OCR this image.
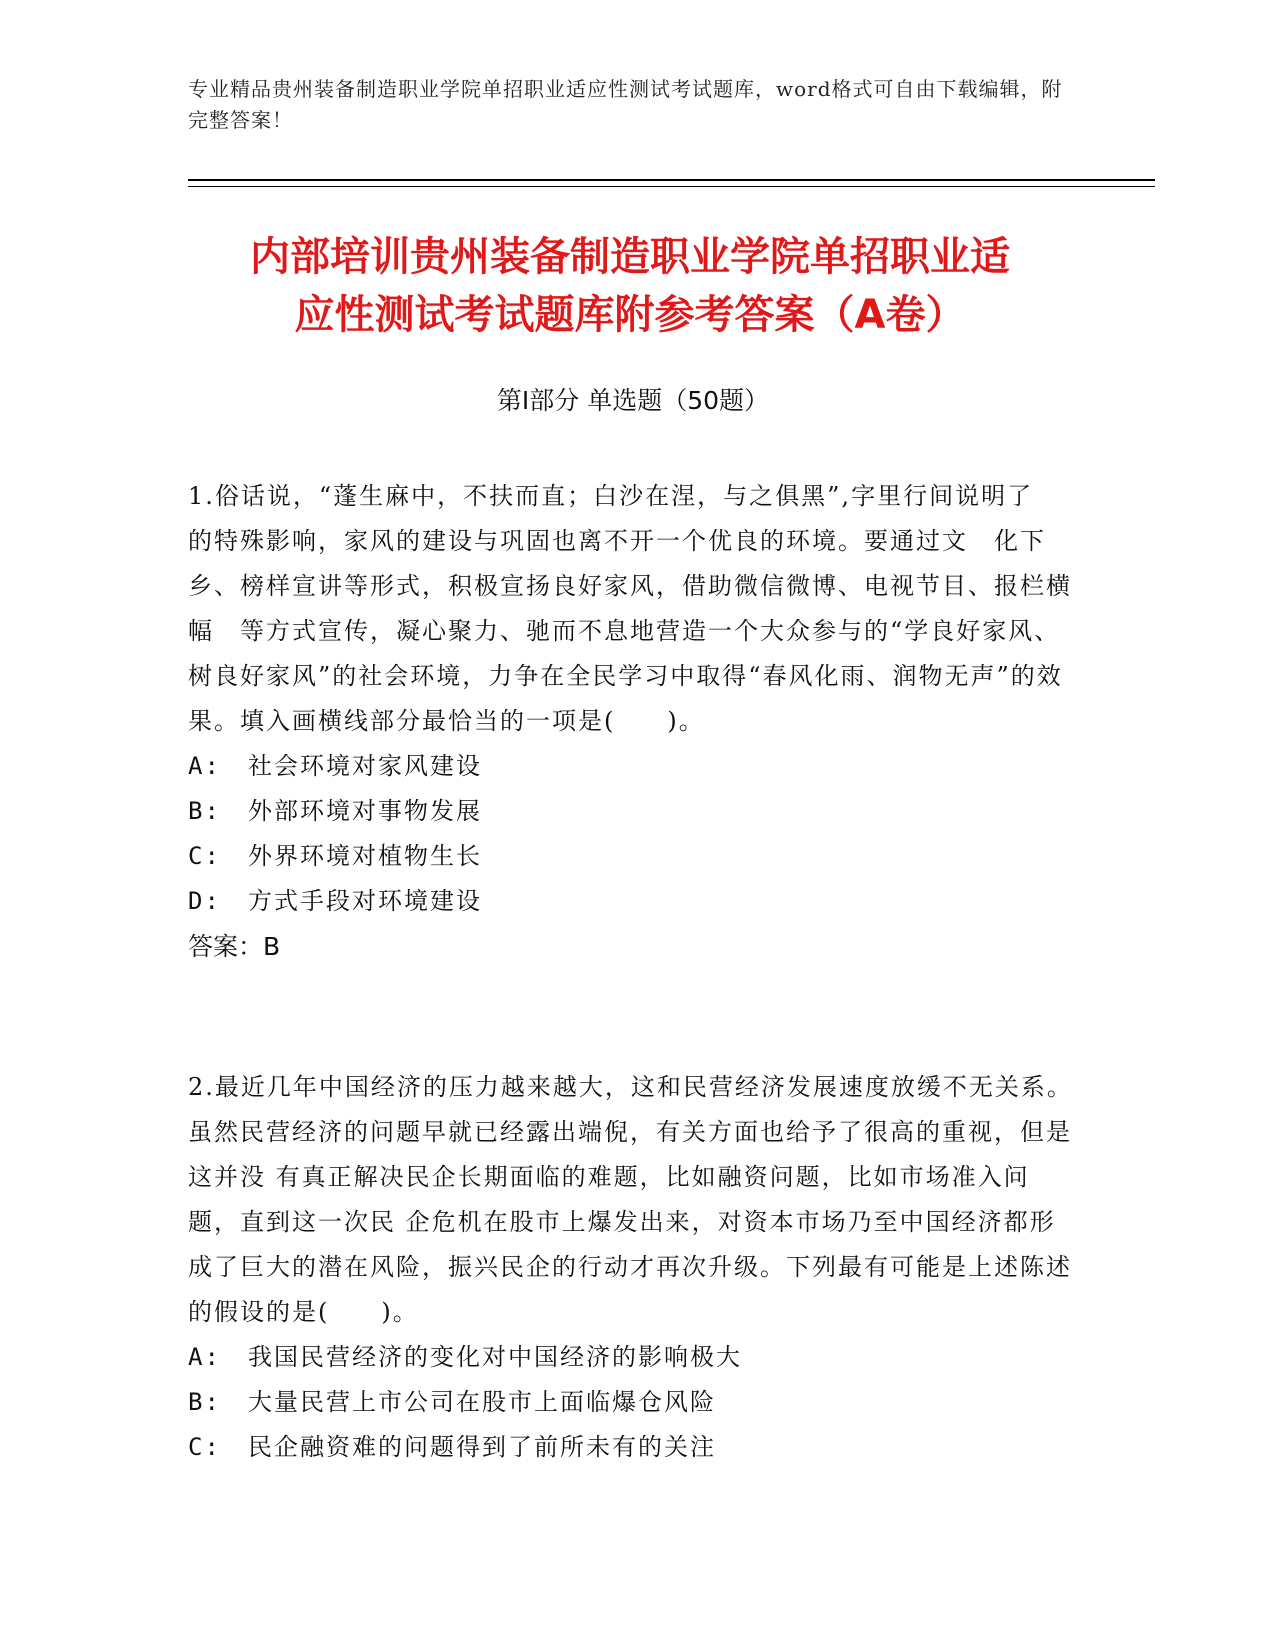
专业精品贵州装备制造职业学院单招职业适应性测试考试题库，word格式可自由下载编辑，附完整答案！
内部培训贵州装备制造职业学院单招职业适
应性测试考试题库附参考答案（A卷）
第Ⅰ部分 单选题（50题）

1.俗话说，“蓬生麻中，不扶而直；白沙在涅，与之俱黑”,字里行间说明了　　　的特殊影响，家风的建设与巩固也离不开一个优良的环境。要通过文　化下乡、榜样宣讲等形式，积极宣扬良好家风，借助微信微博、电视节目、报栏横幅　等方式宣传，凝心聚力、驰而不息地营造一个大众参与的“学良好家风、树良好家风”的社会环境，力争在全民学习中取得“春风化雨、润物无声”的效果。填入画横线部分最恰当的一项是(　　)。

A:	社会环境对家风建设
B:	外部环境对事物发展
C:	外界环境对植物生长
D:	方式手段对环境建设
答案：B

2.最近几年中国经济的压力越来越大，这和民营经济发展速度放缓不无关系。 虽然民营经济的问题早就已经露出端倪，有关方面也给予了很高的重视，但是这并没 有真正解决民企长期面临的难题，比如融资问题，比如市场准入问题，直到这一次民 企危机在股市上爆发出来，对资本市场乃至中国经济都形成了巨大的潜在风险，振兴民企的行动才再次升级。下列最有可能是上述陈述的假设的是(　　)。

A:	我国民营经济的变化对中国经济的影响极大
B:	大量民营上市公司在股市上面临爆仓风险
C:	民企融资难的问题得到了前所未有的关注
